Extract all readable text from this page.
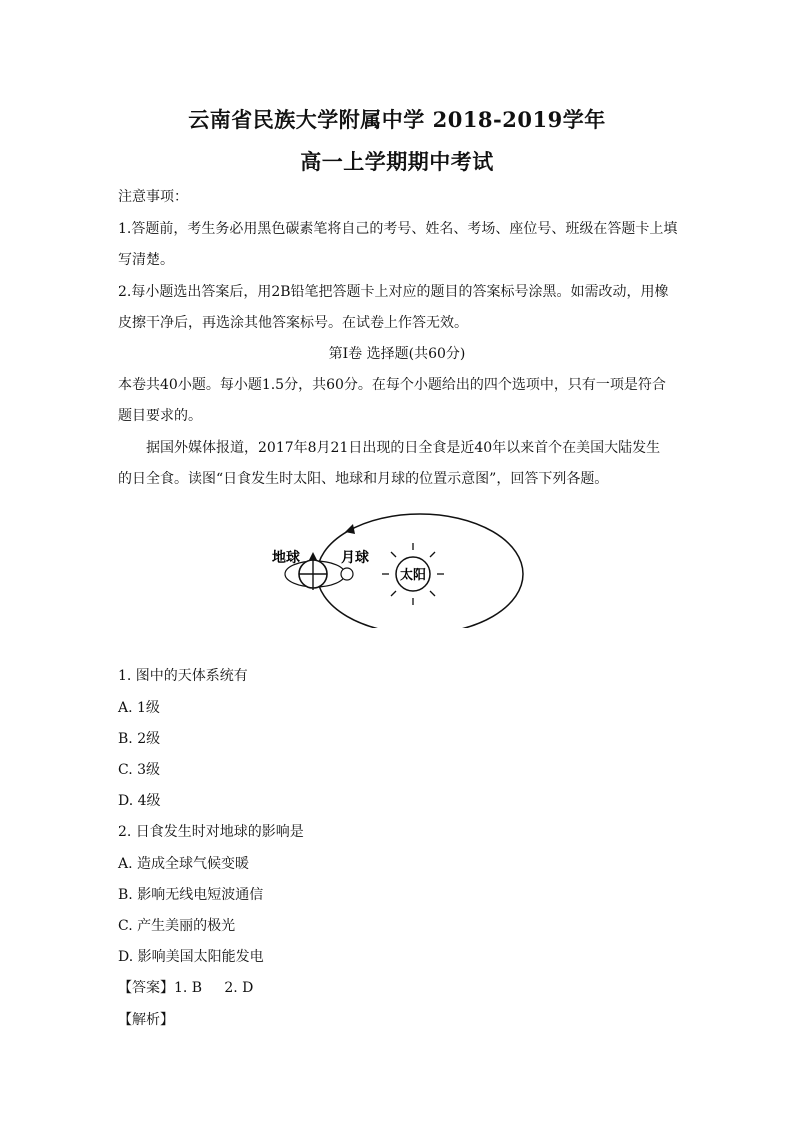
云南省民族大学附属中学 2018-2019学年
高一上学期期中考试
注意事项：
1.答题前，考生务必用黑色碳素笔将自己的考号、姓名、考场、座位号、班级在答题卡上填
写清楚。
2.每小题选出答案后，用2B铅笔把答题卡上对应的题目的答案标号涂黑。如需改动，用橡
皮擦干净后，再选涂其他答案标号。在试卷上作答无效。
第Ⅰ卷 选择题(共60分)
本卷共40小题。每小题1.5分，共60分。在每个小题给出的四个选项中，只有一项是符合
题目要求的。
据国外媒体报道，2017年8月21日出现的日全食是近40年以来首个在美国大陆发生
的日全食。读图“日食发生时太阳、地球和月球的位置示意图”，回答下列各题。
地球	月球
太阳
1. 图中的天体系统有
A. 1级
B. 2级
C. 3级
D. 4级
2. 日食发生时对地球的影响是
A. 造成全球气候变暖
B. 影响无线电短波通信
C. 产生美丽的极光
D. 影响美国太阳能发电
【答案】1. B     2. D
【解析】
